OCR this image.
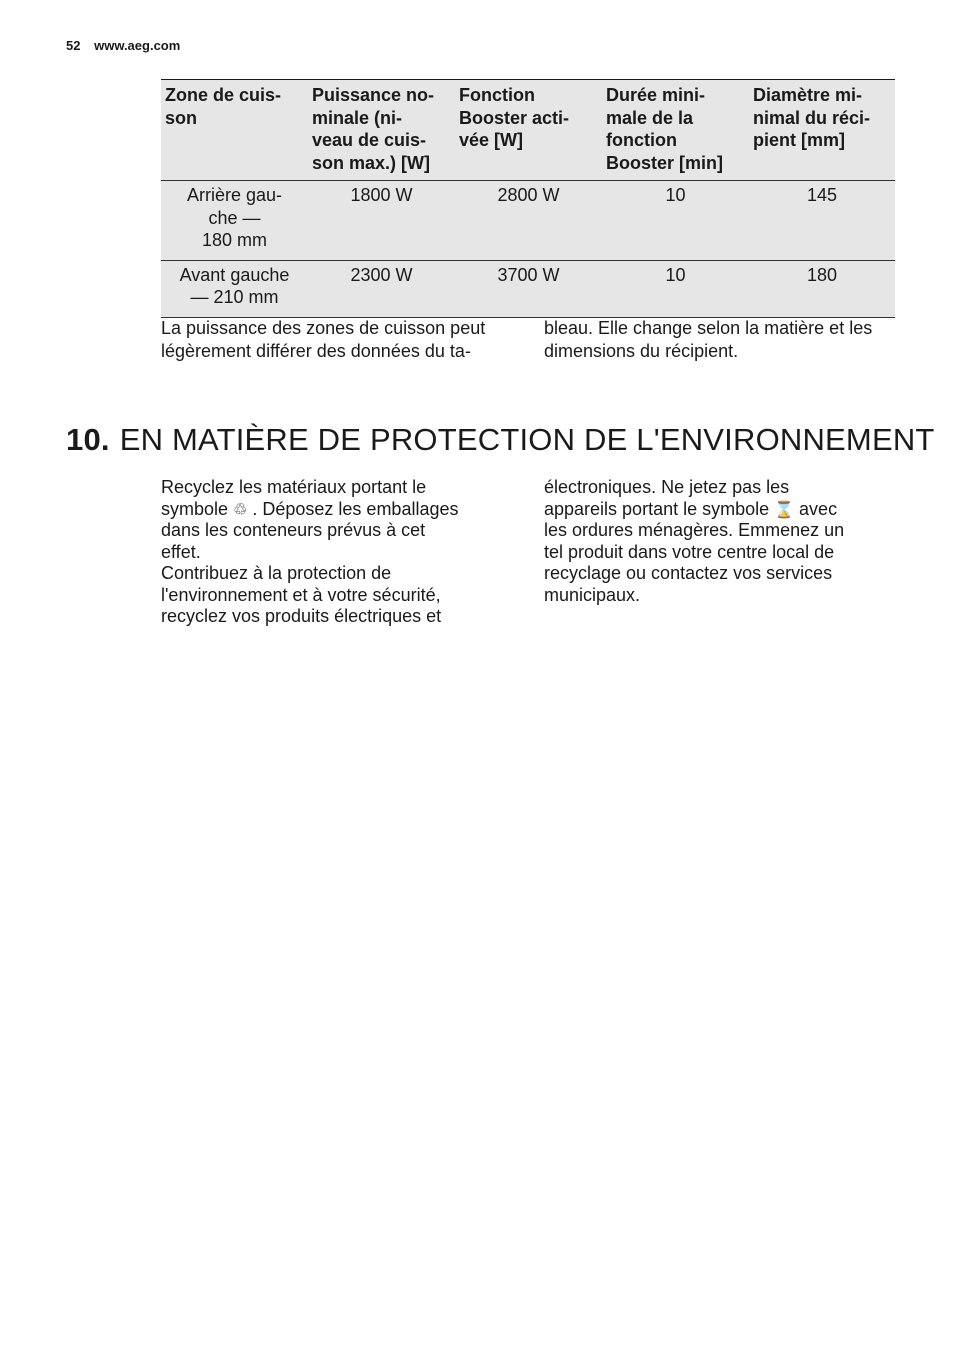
52 www.aeg.com
Zone de cuis-
son	Puissance no-
minale (ni-
veau de cuis-
son max.) [W]	Fonction
Booster acti-
vée [W]	Durée mini-
male de la
fonction
Booster [min]	Diamètre mi-
nimal du réci-
pient [mm]
Arrière gau-
che —
180 mm	1800 W	2800 W	10	145
Avant gauche
— 210 mm	2300 W	3700 W	10	180
La puissance des zones de cuisson peut légèrement différer des données du ta-
bleau. Elle change selon la matière et les dimensions du récipient.
10. EN MATIÈRE DE PROTECTION DE L'ENVIRONNEMENT
Recyclez les matériaux portant le
symbole ♲ . Déposez les emballages
dans les conteneurs prévus à cet
effet.
Contribuez à la protection de
l'environnement et à votre sécurité,
recyclez vos produits électriques et
électroniques. Ne jetez pas les
appareils portant le symbole ⌛ avec
les ordures ménagères. Emmenez un
tel produit dans votre centre local de
recyclage ou contactez vos services
municipaux.
